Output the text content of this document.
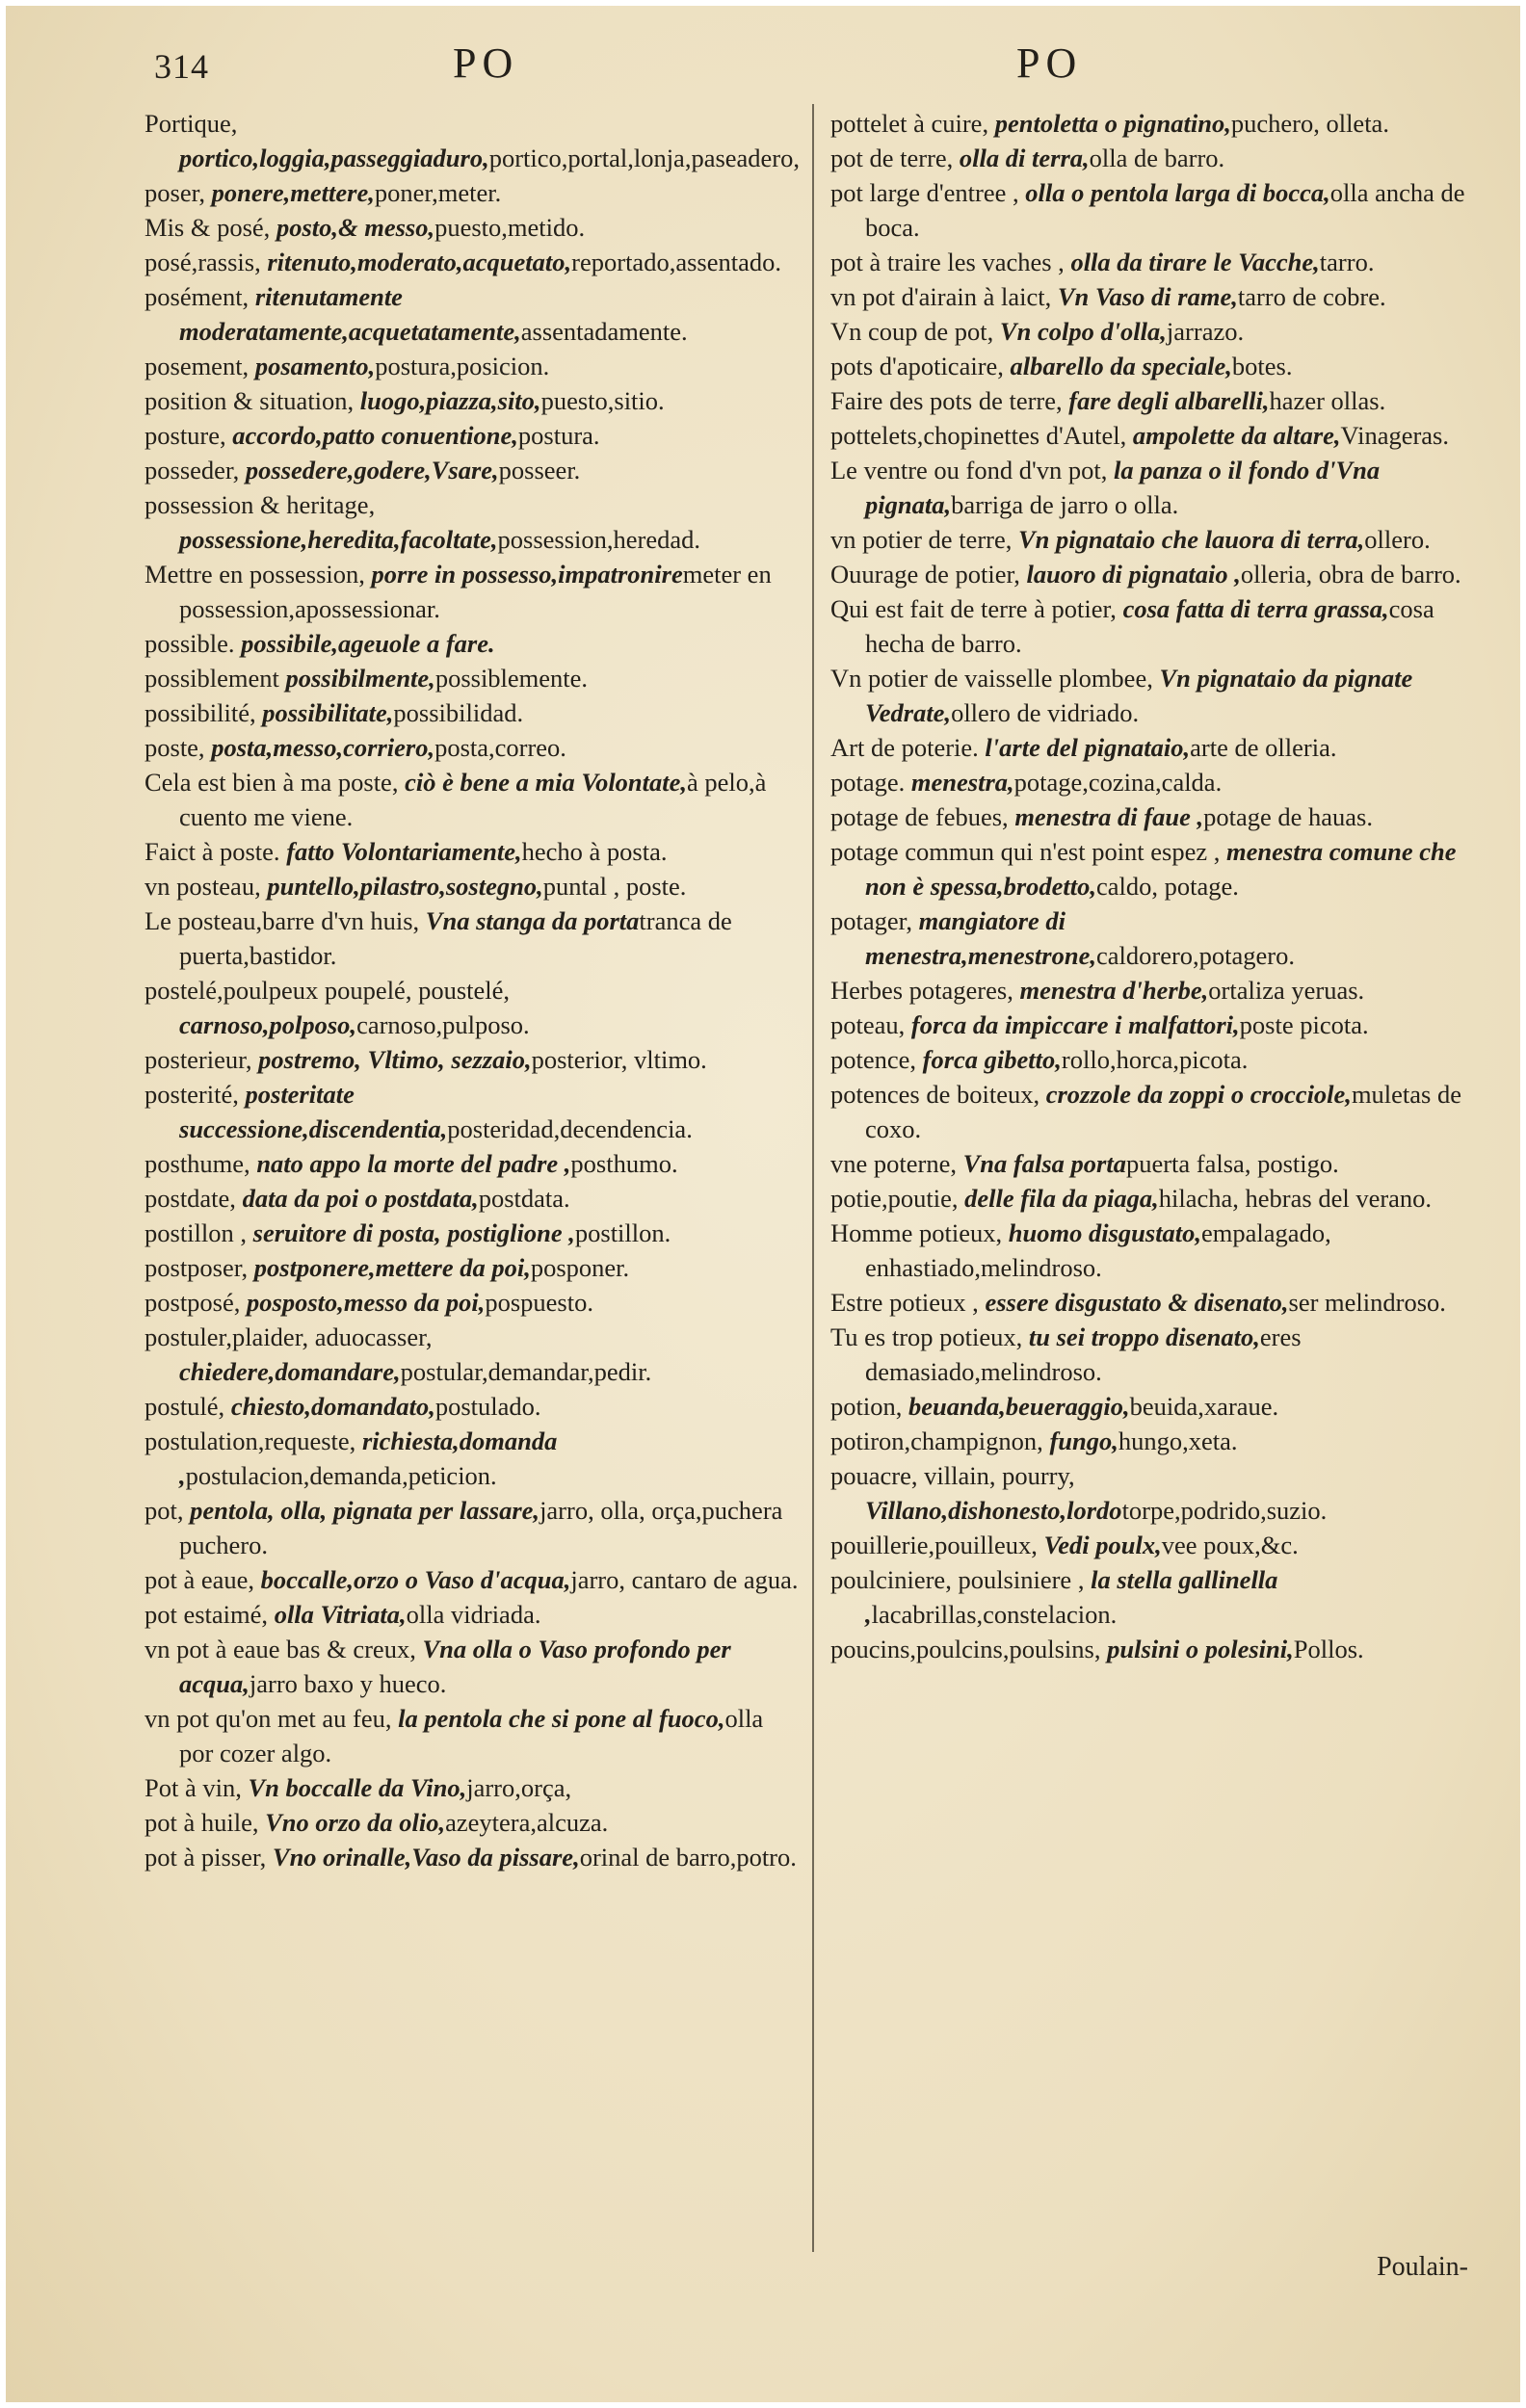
314	PO	PO

Portique, portico,loggia,passeggiaduro,portico,portal,lonja,paseadero,

poser, ponere,mettere,poner,meter.

Mis & posé, posto,& messo,puesto,metido.

posé,rassis, ritenuto,moderato,acquetato,reportado,assentado.

posément, ritenutamente moderatamente,acquetatamente,assentadamente.

posement, posamento,postura,posicion.

position & situation, luogo,piazza,sito,puesto,sitio.

posture, accordo,patto conuentione,postura.

posseder, possedere,godere,Vsare,posseer.

possession & heritage, possessione,heredita,facoltate,possession,heredad.

Mettre en possession, porre in possesso,impatroniremeter en possession,apossessionar.

possible. possibile,ageuole a fare.

possiblement possibilmente,possiblemente.

possibilité, possibilitate,possibilidad.

poste, posta,messo,corriero,posta,correo.

Cela est bien à ma poste, ciò è bene a mia Volontate,à pelo,à cuento me viene.

Faict à poste. fatto Volontariamente,hecho à posta.

vn posteau, puntello,pilastro,sostegno,puntal , poste.

Le posteau,barre d'vn huis, Vna stanga da portatranca de puerta,bastidor.

postelé,poulpeux poupelé, poustelé, carnoso,polposo,carnoso,pulposo.

posterieur, postremo, Vltimo, sezzaio,posterior, vltimo.

posterité, posteritate successione,discendentia,posteridad,decendencia.

posthume, nato appo la morte del padre ,posthumo.

postdate, data da poi o postdata,postdata.

postillon , seruitore di posta, postiglione ,postillon.

postposer, postponere,mettere da poi,posponer.

postposé, posposto,messo da poi,pospuesto.

postuler,plaider, aduocasser, chiedere,domandare,postular,demandar,pedir.

postulé, chiesto,domandato,postulado.

postulation,requeste, richiesta,domanda ,postulacion,demanda,peticion.

pot, pentola, olla, pignata per lassare,jarro, olla, orça,puchera puchero.

pot à eaue, boccalle,orzo o Vaso d'acqua,jarro, cantaro de agua.

pot estaimé, olla Vitriata,olla vidriada.

vn pot à eaue bas & creux, Vna olla o Vaso profondo per acqua,jarro baxo y hueco.

vn pot qu'on met au feu, la pentola che si pone al fuoco,olla por cozer algo.

Pot à vin, Vn boccalle da Vino,jarro,orça,

pot à huile, Vno orzo da olio,azeytera,alcuza.

pot à pisser, Vno orinalle,Vaso da pissare,orinal de barro,potro.

pottelet à cuire, pentoletta o pignatino,puchero, olleta.

pot de terre, olla di terra,olla de barro.

pot large d'entree , olla o pentola larga di bocca,olla ancha de boca.

pot à traire les vaches , olla da tirare le Vacche,tarro.

vn pot d'airain à laict, Vn Vaso di rame,tarro de cobre.

Vn coup de pot, Vn colpo d'olla,jarrazo.

pots d'apoticaire, albarello da speciale,botes.

Faire des pots de terre, fare degli albarelli,hazer ollas.

pottelets,chopinettes d'Autel, ampolette da altare,Vinageras.

Le ventre ou fond d'vn pot, la panza o il fondo d'Vna pignata,barriga de jarro o olla.

vn potier de terre, Vn pignataio che lauora di terra,ollero.

Ouurage de potier, lauoro di pignataio ,olleria, obra de barro.

Qui est fait de terre à potier, cosa fatta di terra grassa,cosa hecha de barro.

Vn potier de vaisselle plombee, Vn pignataio da pignate Vedrate,ollero de vidriado.

Art de poterie. l'arte del pignataio,arte de olleria.

potage. menestra,potage,cozina,calda.

potage de febues, menestra di faue ,potage de hauas.

potage commun qui n'est point espez , menestra comune che non è spessa,brodetto,caldo, potage.

potager, mangiatore di menestra,menestrone,caldorero,potagero.

Herbes potageres, menestra d'herbe,ortaliza yeruas.

poteau, forca da impiccare i malfattori,poste picota.

potence, forca gibetto,rollo,horca,picota.

potences de boiteux, crozzole da zoppi o crocciole,muletas de coxo.

vne poterne, Vna falsa portapuerta falsa, postigo.

potie,poutie, delle fila da piaga,hilacha, hebras del verano.

Homme potieux, huomo disgustato,empalagado, enhastiado,melindroso.

Estre potieux , essere disgustato & disenato,ser melindroso.

Tu es trop potieux, tu sei troppo disenato,eres demasiado,melindroso.

potion, beuanda,beueraggio,beuida,xaraue.

potiron,champignon, fungo,hungo,xeta.

pouacre, villain, pourry, Villano,dishonesto,lordotorpe,podrido,suzio.

pouillerie,pouilleux, Vedi poulx,vee poux,&c.

poulciniere, poulsiniere , la stella gallinella ,lacabrillas,constelacion.

poucins,poulcins,poulsins, pulsini o polesini,Pollos.

Poulain-
